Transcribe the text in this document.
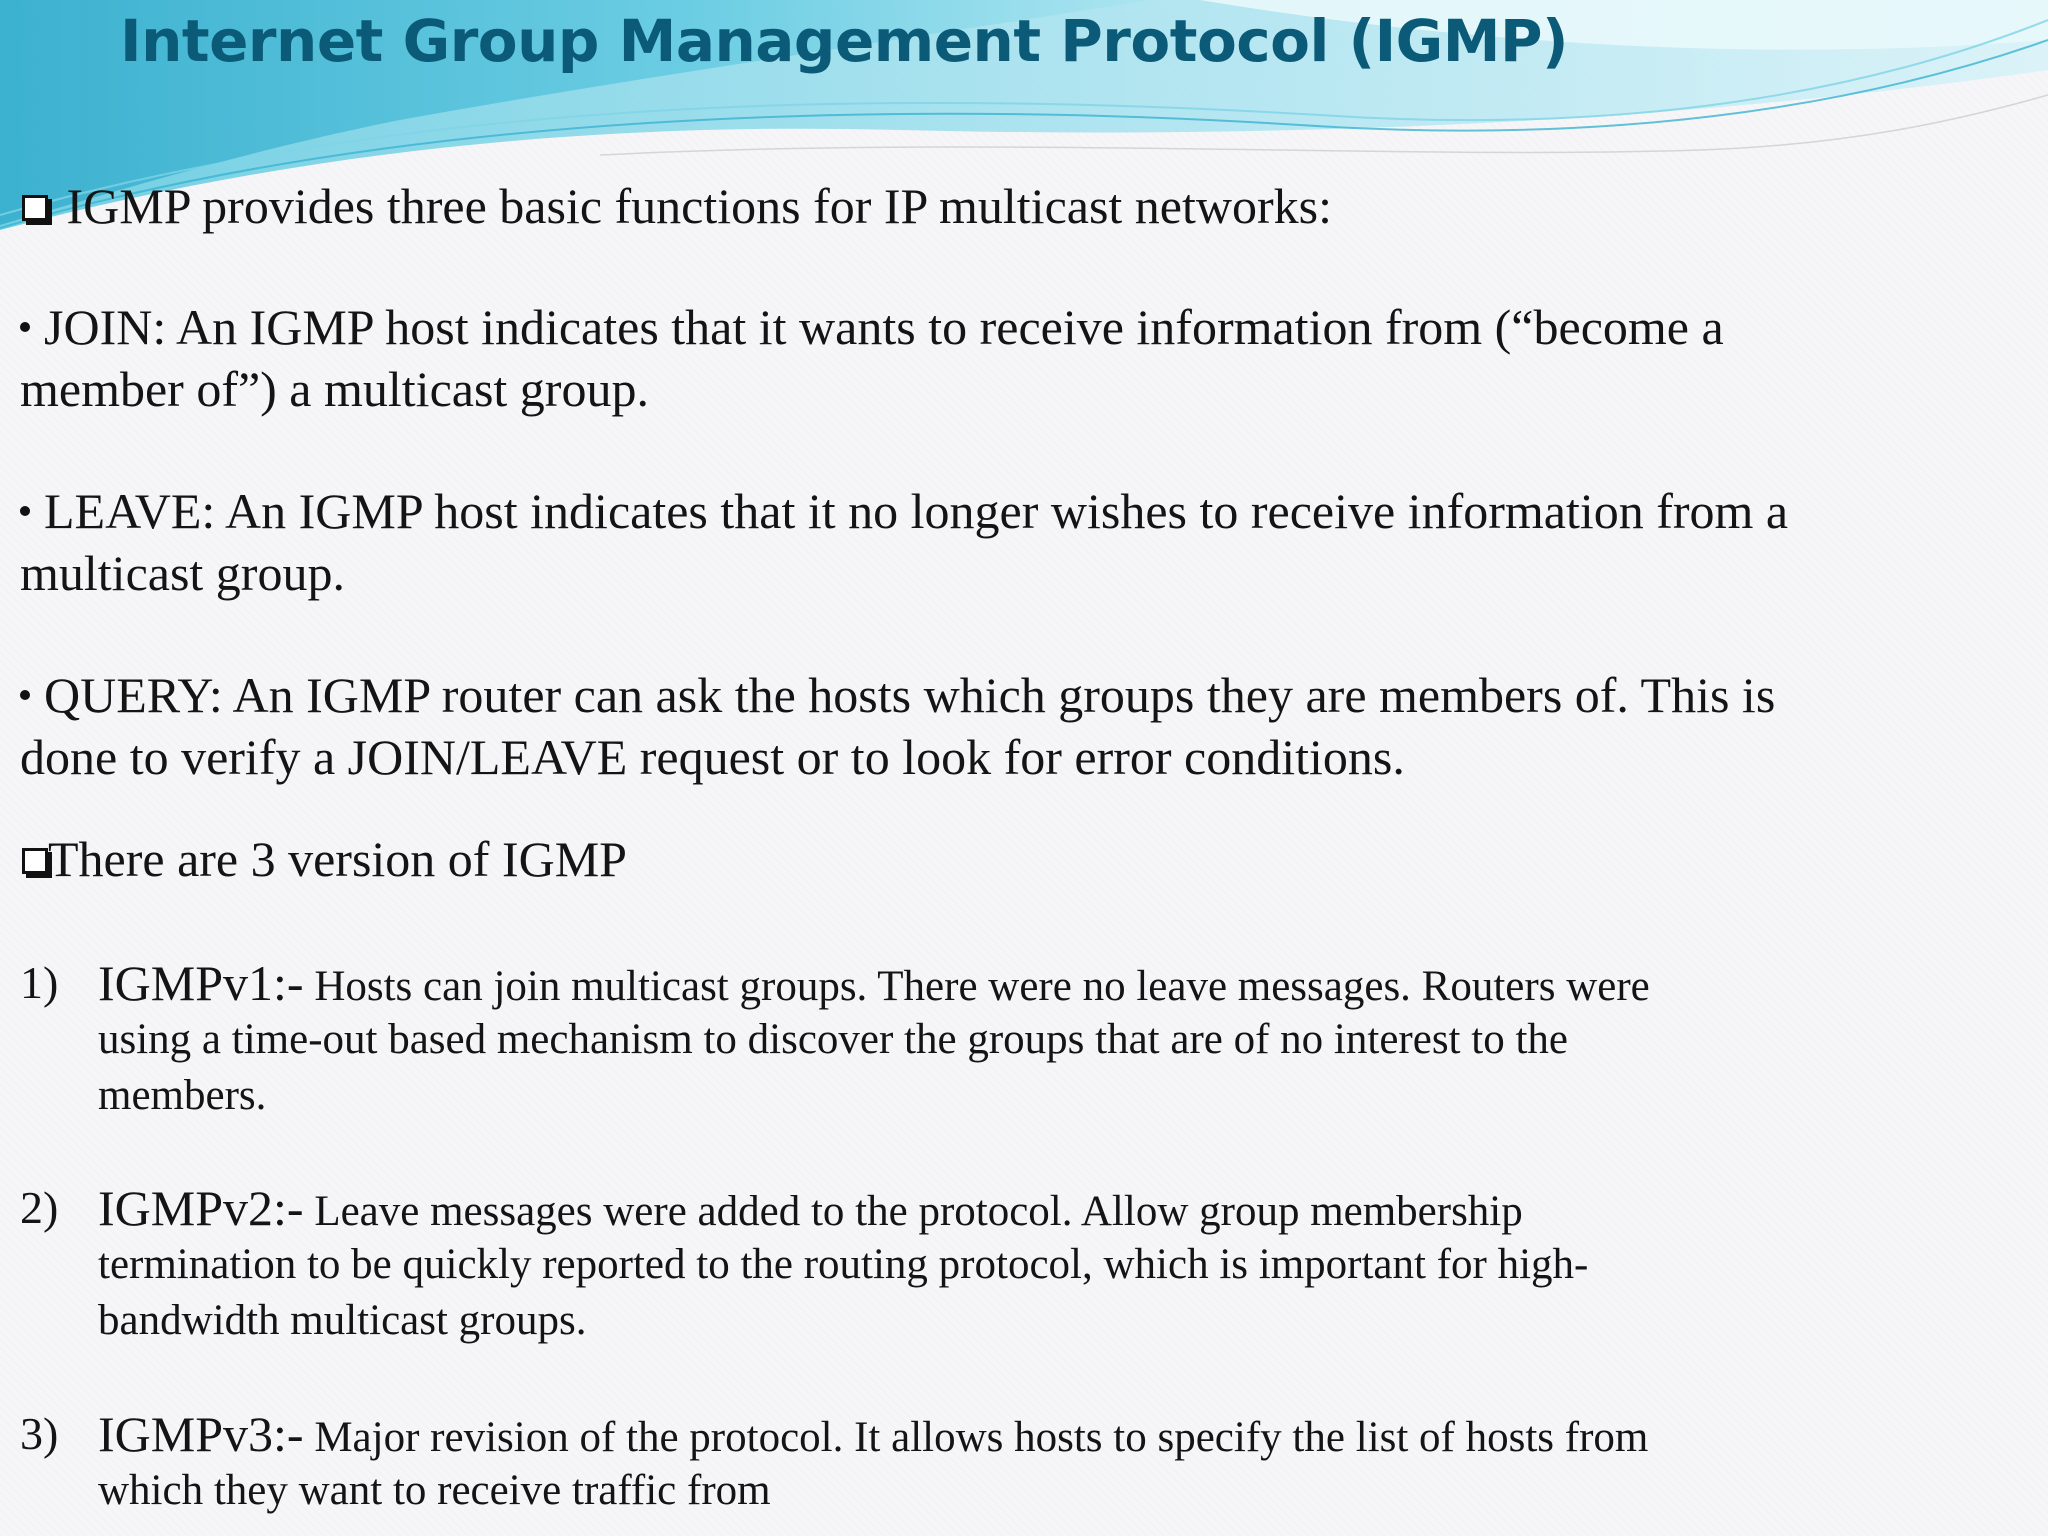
Internet Group Management Protocol (IGMP)

IGMP provides three basic functions for IP multicast networks:

JOIN: An IGMP host indicates that it wants to receive information from (“become a

member of”) a multicast group.

LEAVE: An IGMP host indicates that it no longer wishes to receive information from a

multicast group.

QUERY: An IGMP router can ask the hosts which groups they are members of. This is

done to verify a JOIN/LEAVE request or to look for error conditions.

There are 3 version of IGMP

1) IGMPv1:- Hosts can join multicast groups. There were no leave messages. Routers were

using a time-out based mechanism to discover the groups that are of no interest to the

members.

2) IGMPv2:- Leave messages were added to the protocol. Allow group membership

termination to be quickly reported to the routing protocol, which is important for high-

bandwidth multicast groups.

3) IGMPv3:- Major revision of the protocol. It allows hosts to specify the list of hosts from

which they want to receive traffic from
